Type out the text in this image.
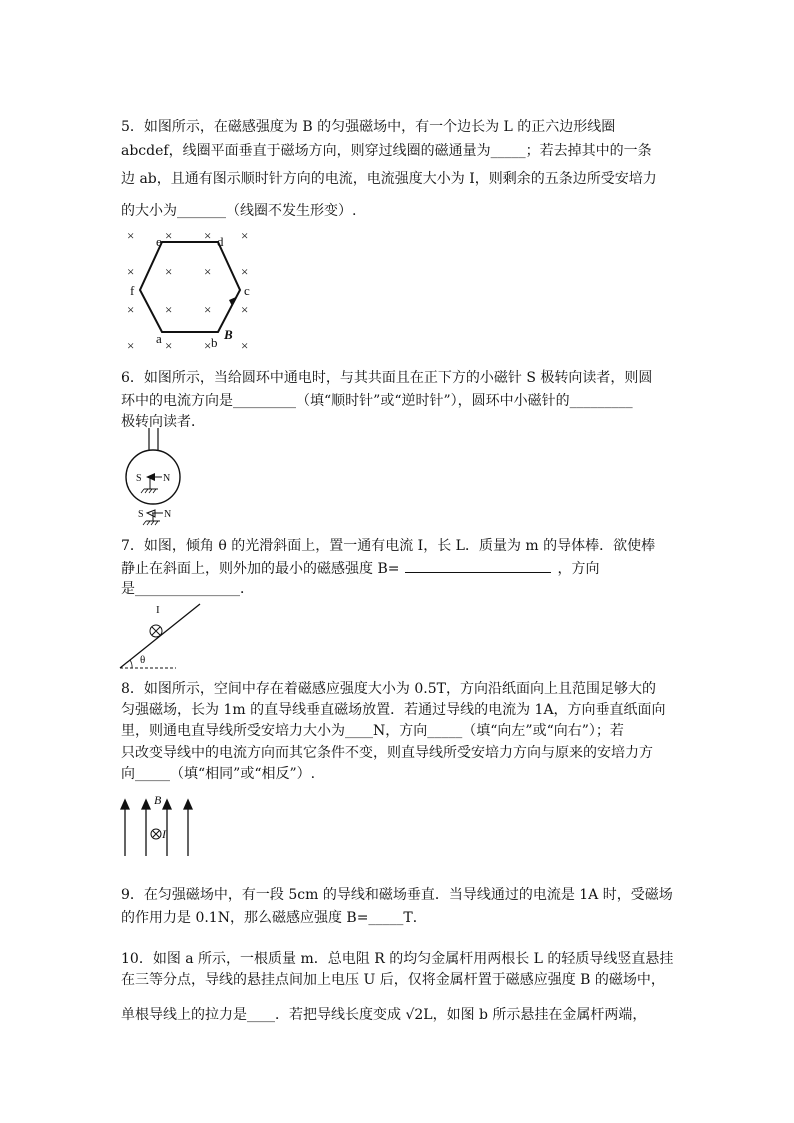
5．如图所示，在磁感强度为 B 的匀强磁场中，有一个边长为 L 的正六边形线圈
abcdef，线圈平面垂直于磁场方向，则穿过线圈的磁通量为_____；若去掉其中的一条
边 ab，且通有图示顺时针方向的电流，电流强度大小为 I，则剩余的五条边所受安培力
的大小为_______（线圈不发生形变）.
× × × ×
× × × ×
× × × ×
× × × ×
e	d
f	c
a	b
B
6．如图所示，当给圆环中通电时，与其共面且在正下方的小磁针 S 极转向读者，则圆
环中的电流方向是_________（填“顺时针”或“逆时针”），圆环中小磁针的_________
极转向读者．
S N
S N
7．如图，倾角 θ 的光滑斜面上，置一通有电流 I，长 L．质量为 m 的导体棒．欲使棒
静止在斜面上，则外加的最小的磁感强度 B=	，方向
是_______________．
I
θ
8．如图所示，空间中存在着磁感应强度大小为 0.5T，方向沿纸面向上且范围足够大的
匀强磁场，长为 1m 的直导线垂直磁场放置．若通过导线的电流为 1A，方向垂直纸面向
里，则通电直导线所受安培力大小为____N，方向_____（填“向左”或“向右”）；若
只改变导线中的电流方向而其它条件不变，则直导线所受安培力方向与原来的安培力方
向_____（填“相同”或“相反”）.
B
I
9．在匀强磁场中，有一段 5cm 的导线和磁场垂直．当导线通过的电流是 1A 时，受磁场
的作用力是 0.1N，那么磁感应强度 B=_____T．
10．如图 a 所示，一根质量 m．总电阻 R 的均匀金属杆用两根长 L 的轻质导线竖直悬挂
在三等分点，导线的悬挂点间加上电压 U 后，仅将金属杆置于磁感应强度 B 的磁场中，
单根导线上的拉力是____．若把导线长度变成 √2L，如图 b 所示悬挂在金属杆两端，
